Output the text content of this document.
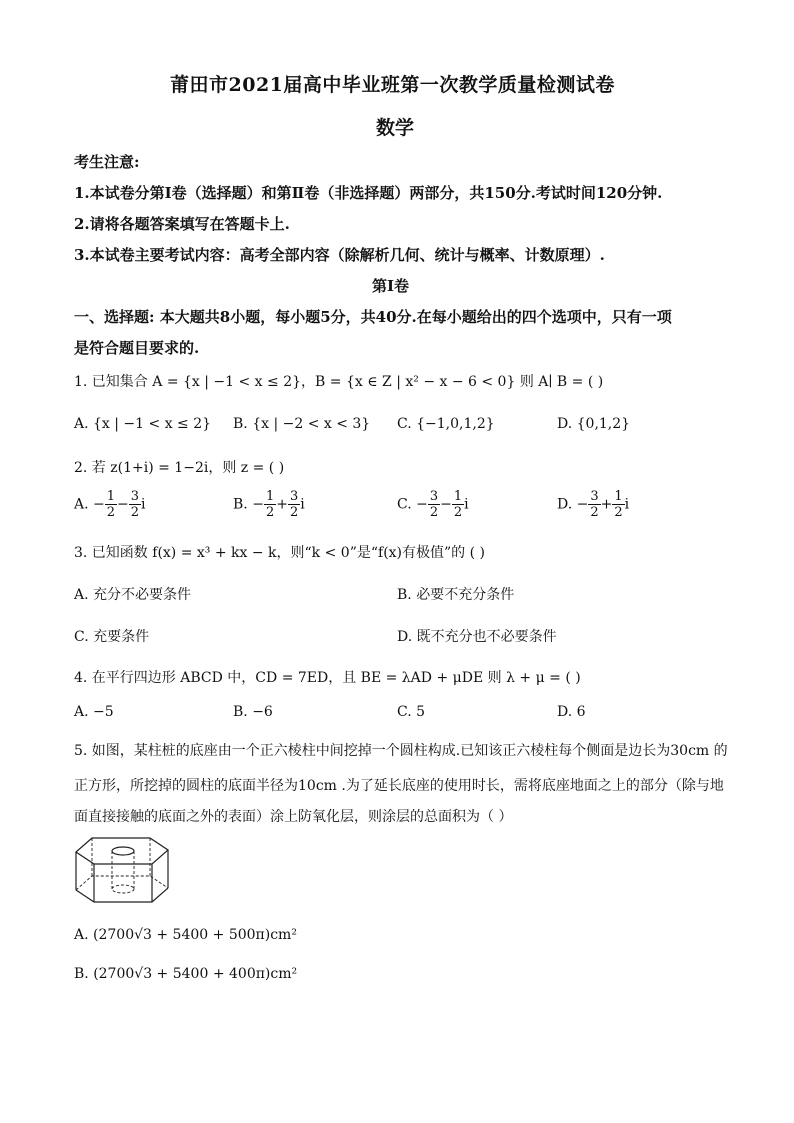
莆田市2021届高中毕业班第一次教学质量检测试卷
数学
考生注意:
1.本试卷分第Ⅰ卷（选择题）和第Ⅱ卷（非选择题）两部分，共150分.考试时间120分钟.
2.请将各题答案填写在答题卡上.
3.本试卷主要考试内容：高考全部内容（除解析几何、统计与概率、计数原理）.
第Ⅰ卷
一、选择题: 本大题共8小题，每小题5分，共40分.在每小题给出的四个选项中，只有一项
是符合题目要求的.
1. 已知集合 A = {x | −1 < x ≤ 2}，B = {x ∈ Z | x² − x − 6 < 0} 则 A∣ B = ( )
A. {x | −1 < x ≤ 2} B. {x | −2 < x < 3} C. {−1,0,1,2}	D. {0,1,2}
2. 若 z(1+i) = 1−2i，则 z = ( )
A. − $\frac{1}{2} - \frac{3}{2}$ i	B. − $\frac{1}{2} + \frac{3}{2}$ i	C. − $\frac{3}{2} - \frac{1}{2}$ i	D. − $\frac{3}{2} + \frac{1}{2}$ i
3. 已知函数 f(x) = x³ + kx − k，则“k < 0”是“f(x)有极值”的 ( )
A. 充分不必要条件	B. 必要不充分条件
C. 充要条件	D. 既不充分也不必要条件
4. 在平行四边形 ABCD 中，CD = 7ED，且 BE = λAD + μDE 则 λ + μ = ( )
A. −5	B. −6	C. 5	D. 6
5. 如图，某柱桩的底座由一个正六棱柱中间挖掉一个圆柱构成.已知该正六棱柱每个侧面是边长为30cm 的
正方形，所挖掉的圆柱的底面半径为10cm .为了延长底座的使用时长，需将底座地面之上的部分（除与地
面直接接触的底面之外的表面）涂上防氧化层，则涂层的总面积为（ ）
A. (2700√3 + 5400 + 500π)cm²
B. (2700√3 + 5400 + 400π)cm²
